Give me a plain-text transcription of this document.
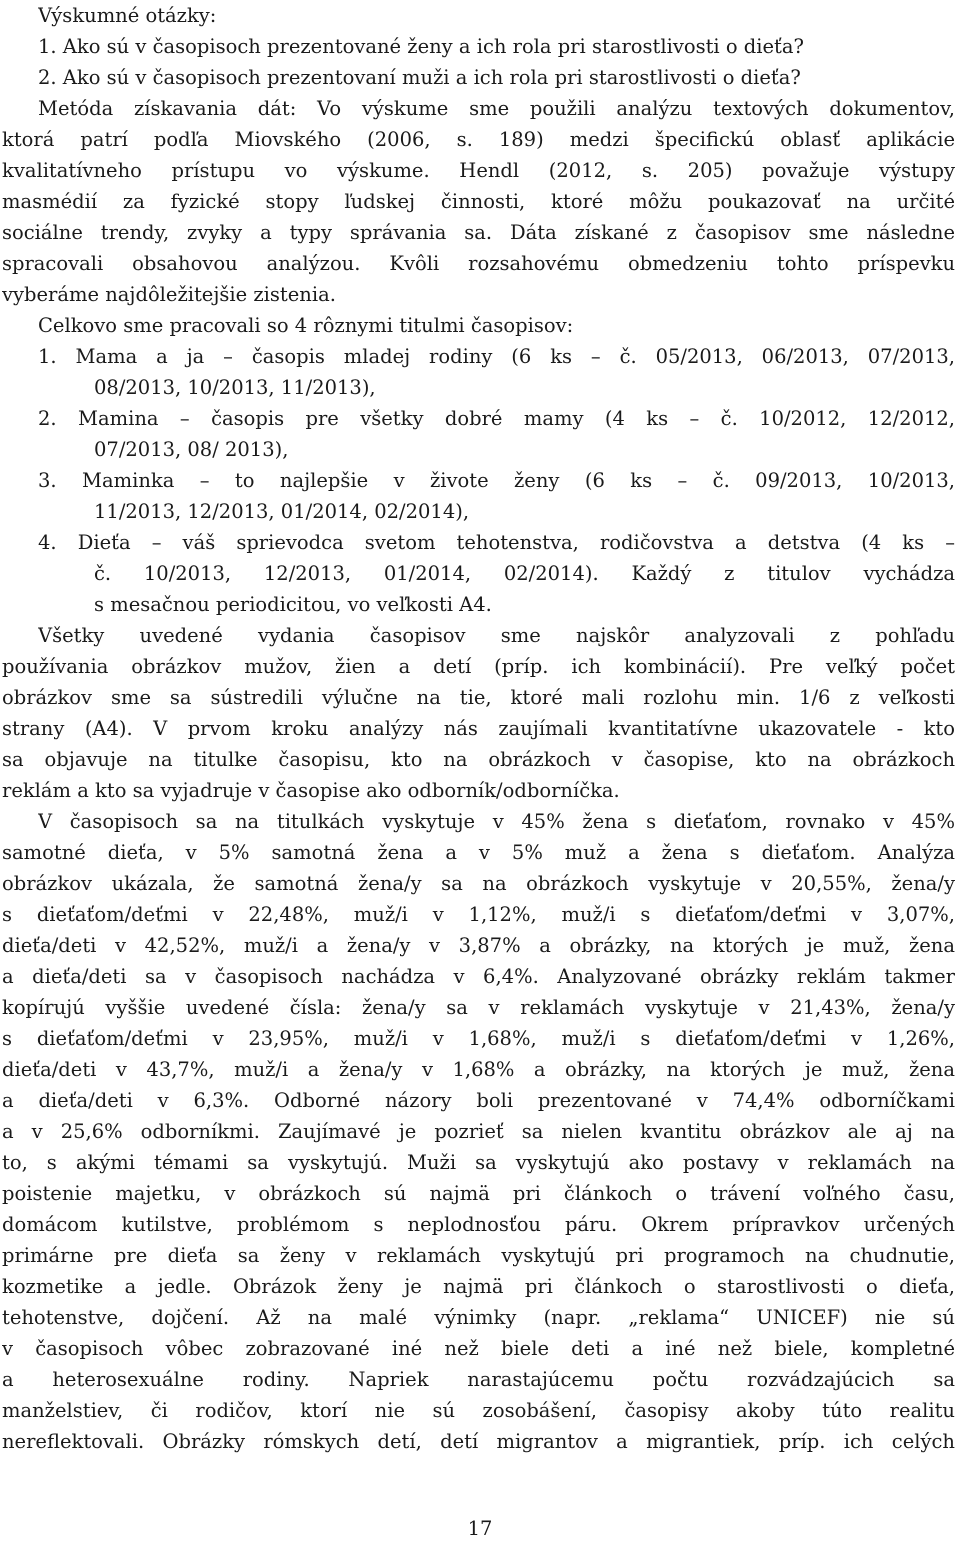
Výskumné otázky:
1. Ako sú v časopisoch prezentované ženy a ich rola pri starostlivosti o dieťa?
2. Ako sú v časopisoch prezentovaní muži a ich rola pri starostlivosti o dieťa?
Metóda získavania dát: Vo výskume sme použili analýzu textových dokumentov,
ktorá patrí podľa Miovského (2006, s. 189) medzi špecifickú oblasť aplikácie
kvalitatívneho prístupu vo výskume. Hendl (2012, s. 205) považuje výstupy
masmédií za fyzické stopy ľudskej činnosti, ktoré môžu poukazovať na určité
sociálne trendy, zvyky a typy správania sa. Dáta získané z časopisov sme následne
spracovali obsahovou analýzou. Kvôli rozsahovému obmedzeniu tohto príspevku
vyberáme najdôležitejšie zistenia.
Celkovo sme pracovali so 4 rôznymi titulmi časopisov:
1. Mama a ja – časopis mladej rodiny (6 ks – č. 05/2013, 06/2013, 07/2013,
08/2013, 10/2013, 11/2013),
2. Mamina – časopis pre všetky dobré mamy (4 ks – č. 10/2012, 12/2012,
07/2013, 08/ 2013),
3. Maminka – to najlepšie v živote ženy (6 ks – č. 09/2013, 10/2013,
11/2013, 12/2013, 01/2014, 02/2014),
4. Dieťa – váš sprievodca svetom tehotenstva, rodičovstva a detstva (4 ks –
č. 10/2013, 12/2013, 01/2014, 02/2014). Každý z titulov vychádza
s mesačnou periodicitou, vo veľkosti A4.
Všetky uvedené vydania časopisov sme najskôr analyzovali z pohľadu
používania obrázkov mužov, žien a detí (príp. ich kombinácií). Pre veľký počet
obrázkov sme sa sústredili výlučne na tie, ktoré mali rozlohu min. 1/6 z veľkosti
strany (A4). V prvom kroku analýzy nás zaujímali kvantitatívne ukazovatele - kto
sa objavuje na titulke časopisu, kto na obrázkoch v časopise, kto na obrázkoch
reklám a kto sa vyjadruje v časopise ako odborník/odborníčka.
V časopisoch sa na titulkách vyskytuje v 45% žena s dieťaťom, rovnako v 45%
samotné dieťa, v 5% samotná žena a v 5% muž a žena s dieťaťom. Analýza
obrázkov ukázala, že samotná žena/y sa na obrázkoch vyskytuje v 20,55%, žena/y
s dieťaťom/deťmi v 22,48%, muž/i v 1,12%, muž/i s dieťaťom/deťmi v 3,07%,
dieťa/deti v 42,52%, muž/i a žena/y v 3,87% a obrázky, na ktorých je muž, žena
a dieťa/deti sa v časopisoch nachádza v 6,4%. Analyzované obrázky reklám takmer
kopírujú vyššie uvedené čísla: žena/y sa v reklamách vyskytuje v 21,43%, žena/y
s dieťaťom/deťmi v 23,95%, muž/i v 1,68%, muž/i s dieťaťom/deťmi v 1,26%,
dieťa/deti v 43,7%, muž/i a žena/y v 1,68% a obrázky, na ktorých je muž, žena
a dieťa/deti v 6,3%. Odborné názory boli prezentované v 74,4% odborníčkami
a v 25,6% odborníkmi. Zaujímavé je pozrieť sa nielen kvantitu obrázkov ale aj na
to, s akými témami sa vyskytujú. Muži sa vyskytujú ako postavy v reklamách na
poistenie majetku, v obrázkoch sú najmä pri článkoch o trávení voľného času,
domácom kutilstve, problémom s neplodnosťou páru. Okrem prípravkov určených
primárne pre dieťa sa ženy v reklamách vyskytujú pri programoch na chudnutie,
kozmetike a jedle. Obrázok ženy je najmä pri článkoch o starostlivosti o dieťa,
tehotenstve, dojčení. Až na malé výnimky (napr. „reklama“ UNICEF) nie sú
v časopisoch vôbec zobrazované iné než biele deti a iné než biele, kompletné
a heterosexuálne rodiny. Napriek narastajúcemu počtu rozvádzajúcich sa
manželstiev, či rodičov, ktorí nie sú zosobášení, časopisy akoby túto realitu
nereflektovali. Obrázky rómskych detí, detí migrantov a migrantiek, príp. ich celých
17
